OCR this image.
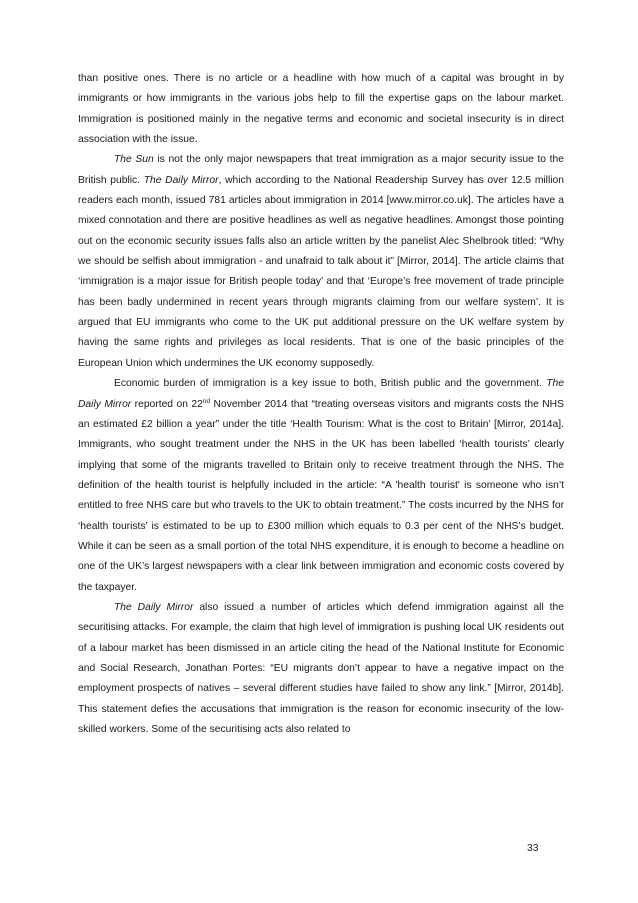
than positive ones. There is no article or a headline with how much of a capital was brought in by immigrants or how immigrants in the various jobs help to fill the expertise gaps on the labour market. Immigration is positioned mainly in the negative terms and economic and societal insecurity is in direct association with the issue.

The Sun is not the only major newspapers that treat immigration as a major security issue to the British public. The Daily Mirror, which according to the National Readership Survey has over 12.5 million readers each month, issued 781 articles about immigration in 2014 [www.mirror.co.uk]. The articles have a mixed connotation and there are positive headlines as well as negative headlines. Amongst those pointing out on the economic security issues falls also an article written by the panelist Alec Shelbrook titled: “Why we should be selfish about immigration - and unafraid to talk about it” [Mirror, 2014]. The article claims that ‘immigration is a major issue for British people today’ and that ‘Europe’s free movement of trade principle has been badly undermined in recent years through migrants claiming from our welfare system’. It is argued that EU immigrants who come to the UK put additional pressure on the UK welfare system by having the same rights and privileges as local residents. That is one of the basic principles of the European Union which undermines the UK economy supposedly.

Economic burden of immigration is a key issue to both, British public and the government. The Daily Mirror reported on 22nd November 2014 that “treating overseas visitors and migrants costs the NHS an estimated £2 billion a year” under the title ‘Health Tourism: What is the cost to Britain’ [Mirror, 2014a]. Immigrants, who sought treatment under the NHS in the UK has been labelled ‘health tourists’ clearly implying that some of the migrants travelled to Britain only to receive treatment through the NHS. The definition of the health tourist is helpfully included in the article: “A 'health tourist' is someone who isn’t entitled to free NHS care but who travels to the UK to obtain treatment.” The costs incurred by the NHS for ‘health tourists’ is estimated to be up to £300 million which equals to 0.3 per cent of the NHS’s budget. While it can be seen as a small portion of the total NHS expenditure, it is enough to become a headline on one of the UK’s largest newspapers with a clear link between immigration and economic costs covered by the taxpayer.

The Daily Mirror also issued a number of articles which defend immigration against all the securitising attacks. For example, the claim that high level of immigration is pushing local UK residents out of a labour market has been dismissed in an article citing the head of the National Institute for Economic and Social Research, Jonathan Portes: “EU migrants don’t appear to have a negative impact on the employment prospects of natives – several different studies have failed to show any link.” [Mirror, 2014b]. This statement defies the accusations that immigration is the reason for economic insecurity of the low-skilled workers. Some of the securitising acts also related to

33
